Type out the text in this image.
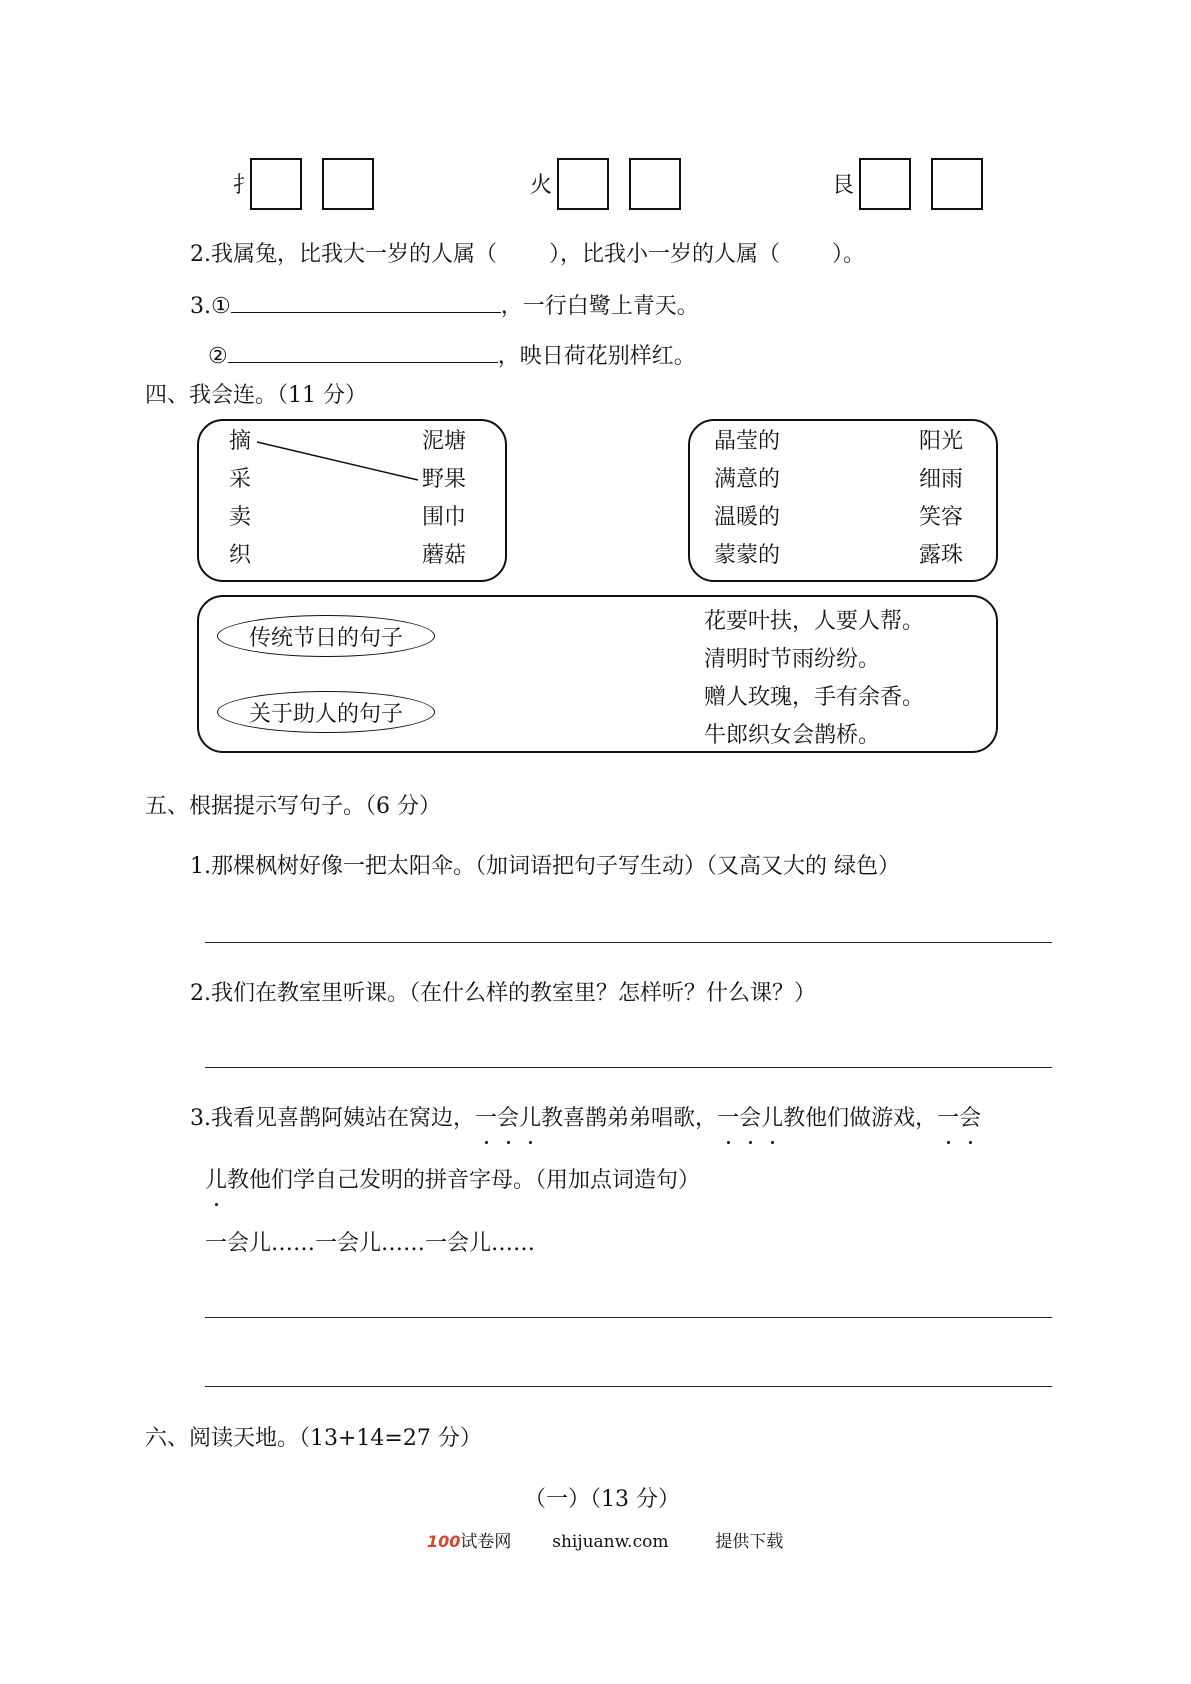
扌	火	艮
2.我属兔，比我大一岁的人属（ ），比我小一岁的人属（ ）。
3.①	，一行白鹭上青天。
②	，映日荷花别样红。
四、我会连。（11 分）
摘
采
卖
织
泥塘
野果
围巾
蘑菇
晶莹的
满意的
温暖的
蒙蒙的
阳光
细雨
笑容
露珠
传统节日的句子
关于助人的句子
花要叶扶，人要人帮。
清明时节雨纷纷。
赠人玫瑰，手有余香。
牛郎织女会鹊桥。
五、根据提示写句子。（6 分）
1.那棵枫树好像一把太阳伞。（加词语把句子写生动）（又高又大的 绿色）
2.我们在教室里听课。（在什么样的教室里？怎样听？什么课？）
3.我看见喜鹊阿姨站在窝边，一会儿教喜鹊弟弟唱歌，一会儿教他们做游戏，一会
儿教他们学自己发明的拼音字母。（用加点词造句）
一会儿……一会儿……一会儿……
六、阅读天地。（13+14=27 分）
（一）（13 分）
100试卷网 shijuanw.com	提供下载
